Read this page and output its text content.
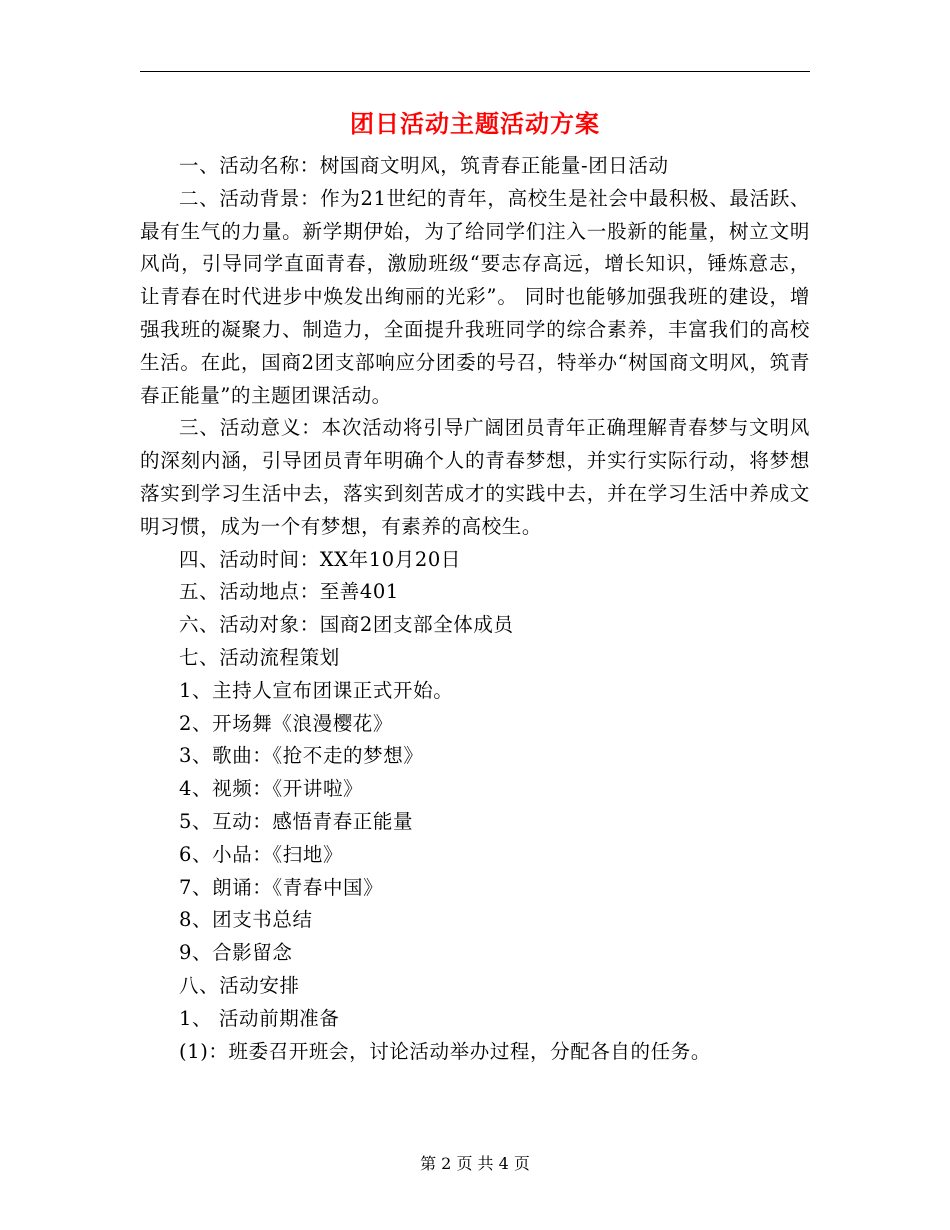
团日活动主题活动方案

一、活动名称：树国商文明风，筑青春正能量-团日活动

二、活动背景：作为21世纪的青年，高校生是社会中最积极、最活跃、最有生气的力量。新学期伊始，为了给同学们注入一股新的能量，树立文明风尚，引导同学直面青春，激励班级“要志存高远，增长知识，锤炼意志，让青春在时代进步中焕发出绚丽的光彩”。 同时也能够加强我班的建设，增强我班的凝聚力、制造力，全面提升我班同学的综合素养，丰富我们的高校生活。在此，国商2团支部响应分团委的号召，特举办“树国商文明风，筑青春正能量”的主题团课活动。

三、活动意义：本次活动将引导广阔团员青年正确理解青春梦与文明风的深刻内涵，引导团员青年明确个人的青春梦想，并实行实际行动，将梦想落实到学习生活中去，落实到刻苦成才的实践中去，并在学习生活中养成文明习惯，成为一个有梦想，有素养的高校生。

四、活动时间：XX年10月20日

五、活动地点：至善401

六、活动对象：国商2团支部全体成员

七、活动流程策划

1、主持人宣布团课正式开始。

2、开场舞《浪漫樱花》

3、歌曲：《抢不走的梦想》

4、视频：《开讲啦》

5、互动：感悟青春正能量

6、小品：《扫地》

7、朗诵：《青春中国》

8、团支书总结

9、合影留念

八、活动安排

1、 活动前期准备

(1)：班委召开班会，讨论活动举办过程，分配各自的任务。

第 2 页 共 4 页
